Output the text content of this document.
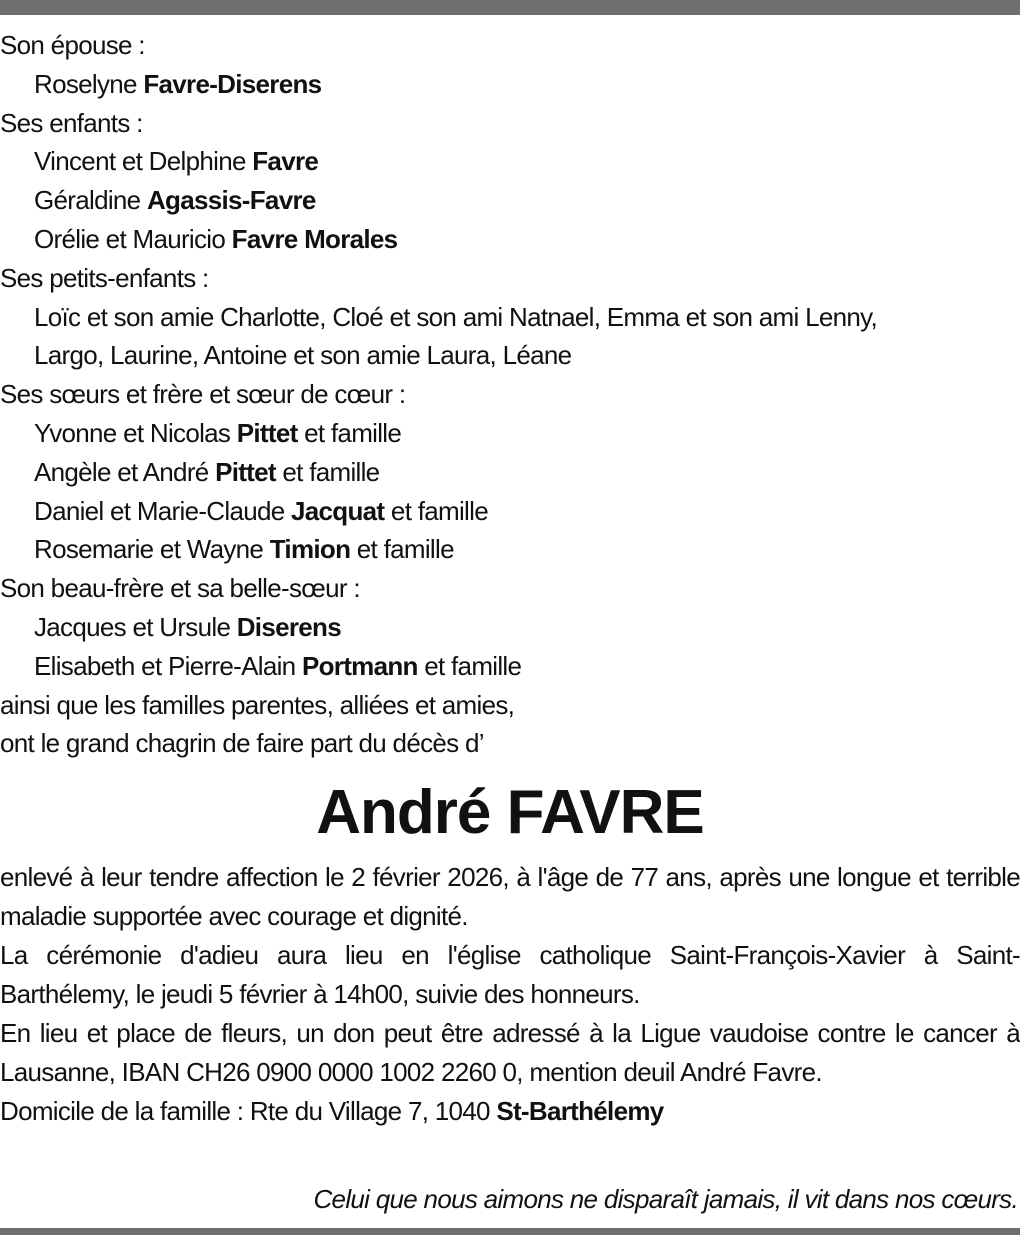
Son épouse :
Roselyne Favre-Diserens
Ses enfants :
Vincent et Delphine Favre
Géraldine Agassis-Favre
Orélie et Mauricio Favre Morales
Ses petits-enfants :
Loïc et son amie Charlotte, Cloé et son ami Natnael, Emma et son ami Lenny,
Largo, Laurine, Antoine et son amie Laura, Léane
Ses sœurs et frère et sœur de cœur :
Yvonne et Nicolas Pittet et famille
Angèle et André Pittet et famille
Daniel et Marie-Claude Jacquat et famille
Rosemarie et Wayne Timion et famille
Son beau-frère et sa belle-sœur :
Jacques et Ursule Diserens
Elisabeth et Pierre-Alain Portmann et famille
ainsi que les familles parentes, alliées et amies,
ont le grand chagrin de faire part du décès d’
André FAVRE
enlevé à leur tendre affection le 2 février 2026, à l'âge de 77 ans, après une longue et terrible maladie supportée avec courage et dignité.
La cérémonie d'adieu aura lieu en l'église catholique Saint-François-Xavier à Saint-Barthélemy, le jeudi 5 février à 14h00, suivie des honneurs.
En lieu et place de fleurs, un don peut être adressé à la Ligue vaudoise contre le cancer à Lausanne, IBAN CH26 0900 0000 1002 2260 0, mention deuil André Favre.
Domicile de la famille : Rte du Village 7, 1040 St-Barthélemy
Celui que nous aimons ne disparaît jamais, il vit dans nos cœurs.
